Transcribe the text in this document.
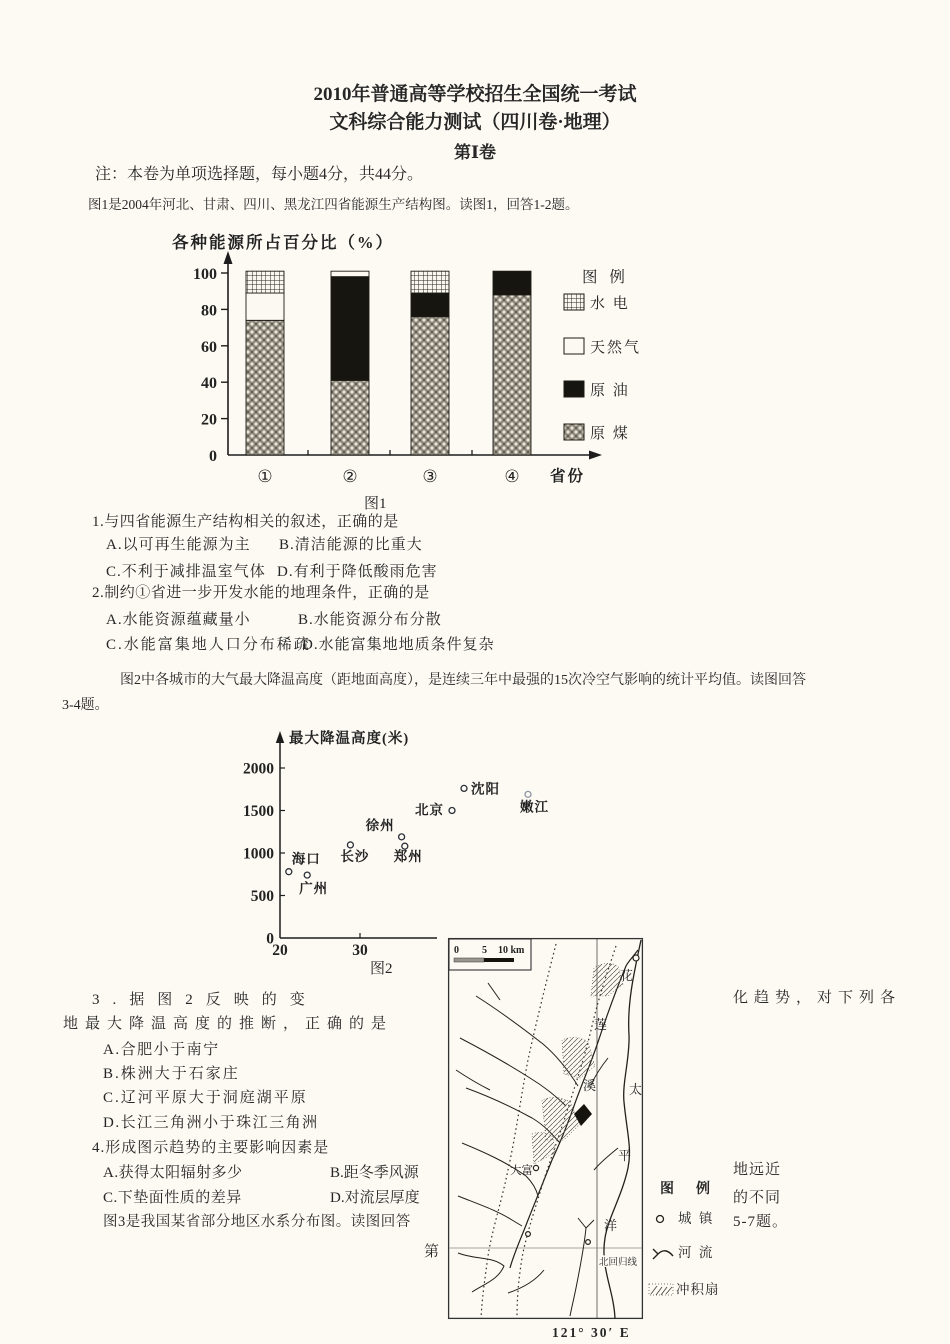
2010年普通高等学校招生全国统一考试
文科综合能力测试（四川卷·地理）
第Ⅰ卷
注：本卷为单项选择题，每小题4分，共44分。
图1是2004年河北、甘肃、四川、黑龙江四省能源生产结构图。读图1，回答1-2题。
0
20
40
60
80
100
①	②	③	④
各种能源所占百分比（%）
省份
图1
图 例
水 电
天然气
原 油
原 煤
1.与四省能源生产结构相关的叙述，正确的是
A.以可再生能源为主 B.清洁能源的比重大
C.不利于减排温室气体 D.有利于降低酸雨危害
2.制约①省进一步开发水能的地理条件，正确的是
A.水能资源蕴藏量小	B.水能资源分布分散
C.水能富集地人口分布稀疏
D.水能富集地地质条件复杂
图2中各城市的大气最大降温高度（距地面高度），是连续三年中最强的15次冷空气影响的统计平均值。读图回答
3-4题。
0
500
1000
1500
2000
20	30
最大降温高度(米)
图2
海口
广州
长沙
徐州
郑州
北京
沈阳
嫩江
3.据图2反映的变	化趋势，对下列各
地最大降温高度的推断，正确的是
A.合肥小于南宁
B.株洲大于石家庄
C.辽河平原大于洞庭湖平原
D.长江三角洲小于珠江三角洲
4.形成图示趋势的主要影响因素是
A.获得太阳辐射多少	B.距冬季风源	地远近
C.下垫面性质的差异	D.对流层厚度	的不同
图3是我国某省部分地区水系分布图。读图回答	5-7题。
第
0 5 10 km
花
莲
溪	太
平
洋
大富
北回归线
121° 30′ E
图　例
城 镇
河 流
冲积扇
